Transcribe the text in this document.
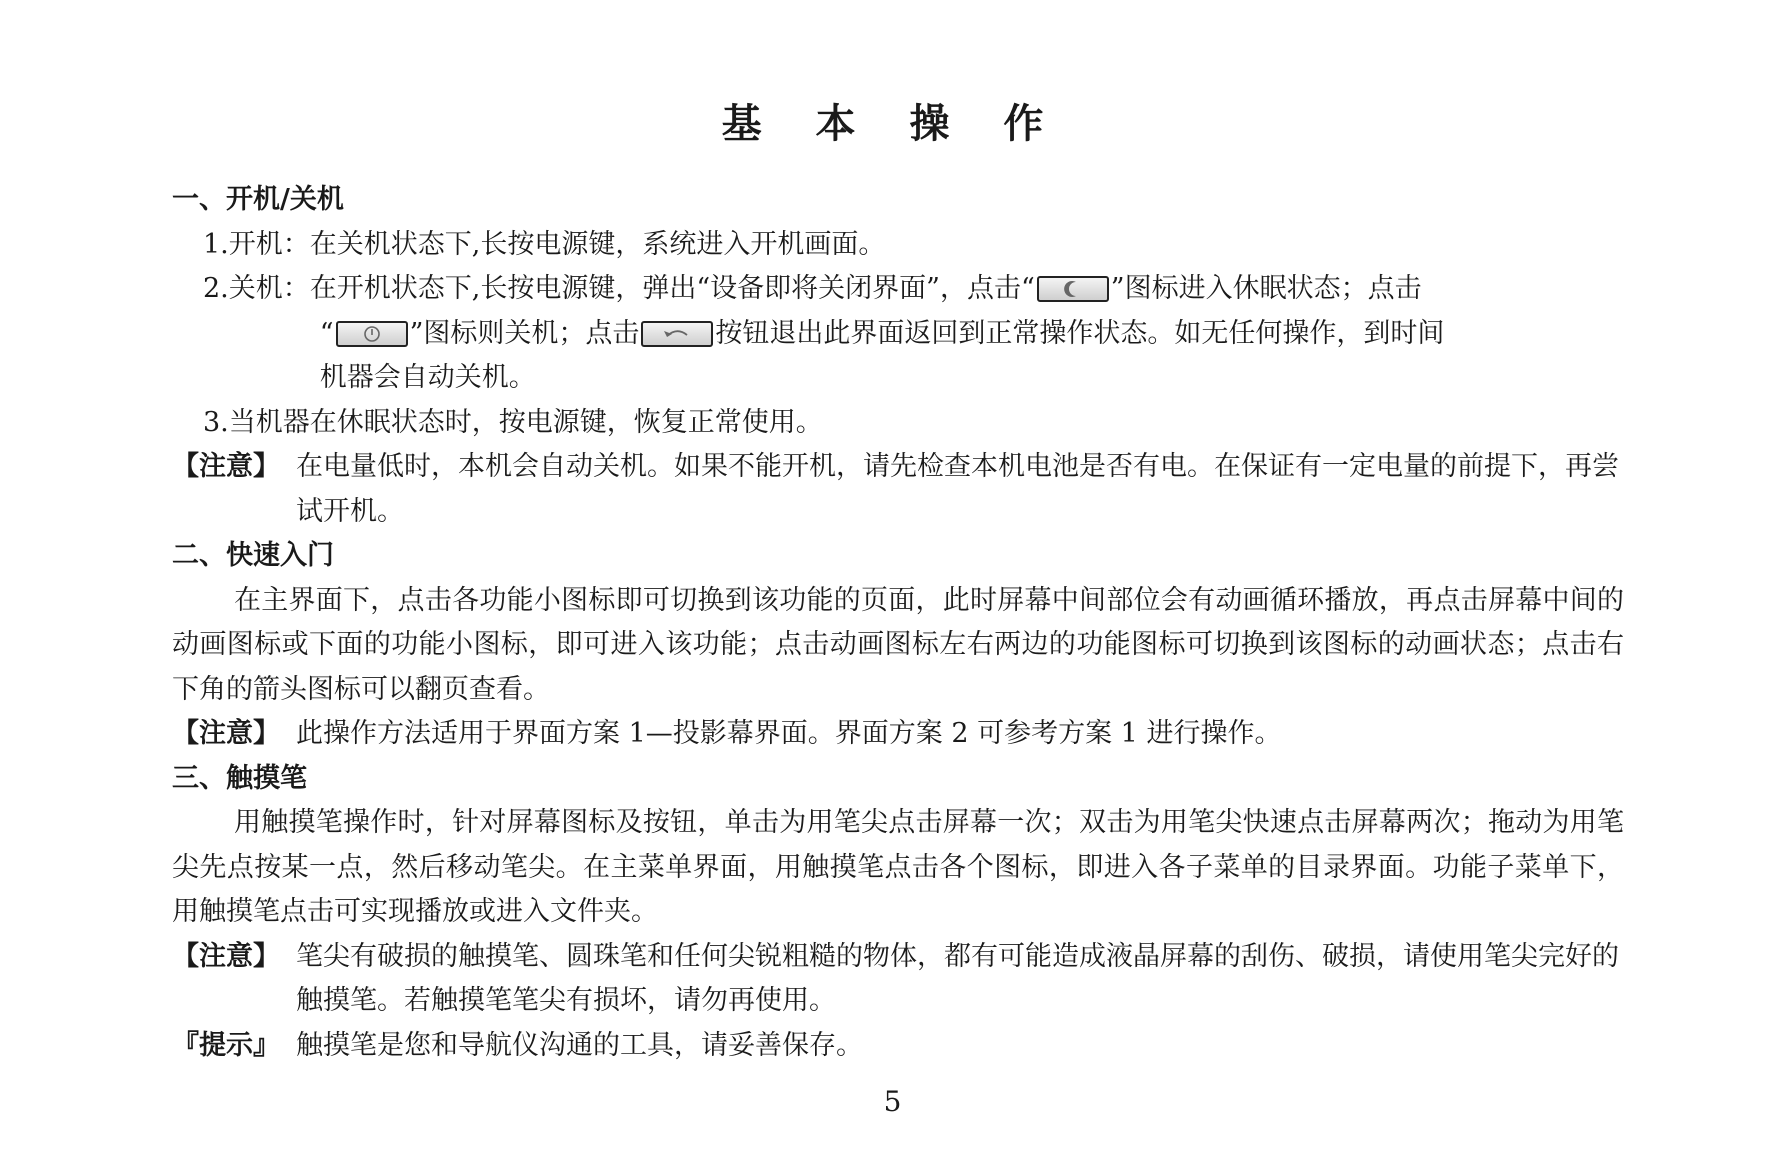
基 本 操 作

一、开机/关机

1. 开机：在关机状态下,长按电源键，系统进入开机画面。
2. 关机：在开机状态下,长按电源键，弹出“设备即将关闭界面”，点击“	”图标进入休眠状态；点击
“	”图标则关机；点击	按钮退出此界面返回到正常操作状态。如无任何操作，到时间
机器会自动关机。
3. 当机器在休眠状态时，按电源键，恢复正常使用。
【注意】 在电量低时，本机会自动关机。如果不能开机，请先检查本机电池是否有电。在保证有一定电量的前提下，再尝试开机。

二、快速入门

在主界面下，点击各功能小图标即可切换到该功能的页面，此时屏幕中间部位会有动画循环播放，再点击屏幕中间的动画图标或下面的功能小图标，即可进入该功能；点击动画图标左右两边的功能图标可切换到该图标的动画状态；点击右下角的箭头图标可以翻页查看。

【注意】 此操作方法适用于界面方案 1—投影幕界面。界面方案 2 可参考方案 1 进行操作。

三、触摸笔

用触摸笔操作时，针对屏幕图标及按钮，单击为用笔尖点击屏幕一次；双击为用笔尖快速点击屏幕两次；拖动为用笔尖先点按某一点，然后移动笔尖。在主菜单界面，用触摸笔点击各个图标，即进入各子菜单的目录界面。功能子菜单下，用触摸笔点击可实现播放或进入文件夹。

【注意】 笔尖有破损的触摸笔、圆珠笔和任何尖锐粗糙的物体，都有可能造成液晶屏幕的刮伤、破损，请使用笔尖完好的触摸笔。若触摸笔笔尖有损坏，请勿再使用。
『提示』 触摸笔是您和导航仪沟通的工具，请妥善保存。
5
